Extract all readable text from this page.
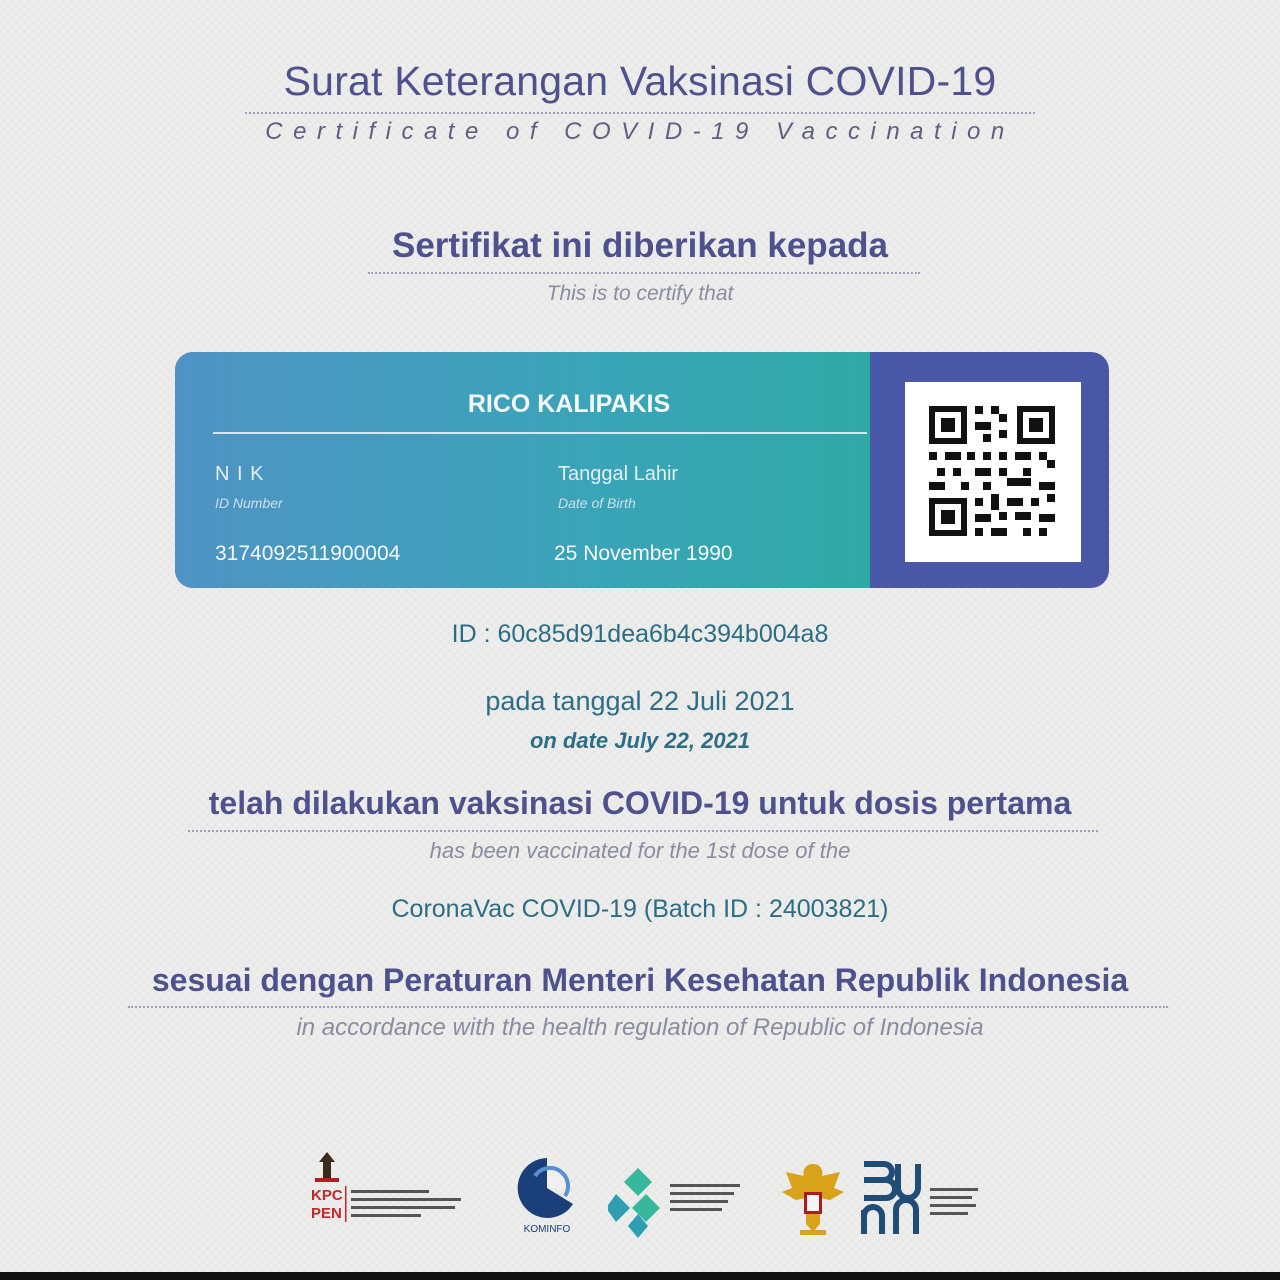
Surat Keterangan Vaksinasi COVID-19
Certificate of COVID-19 Vaccination
Sertifikat ini diberikan kepada
This is to certify that
RICO KALIPAKIS
N I K
ID Number
3174092511900004
Tanggal Lahir
Date of Birth
25 November 1990
ID : 60c85d91dea6b4c394b004a8
pada tanggal 22 Juli 2021
on date July 22, 2021
telah dilakukan vaksinasi COVID-19 untuk dosis pertama
has been vaccinated for the 1st dose of the
CoronaVac COVID-19 (Batch ID : 24003821)
sesuai dengan Peraturan Menteri Kesehatan Republik Indonesia
in accordance with the health regulation of Republic of Indonesia
KPC
PEN
KOMINFO
